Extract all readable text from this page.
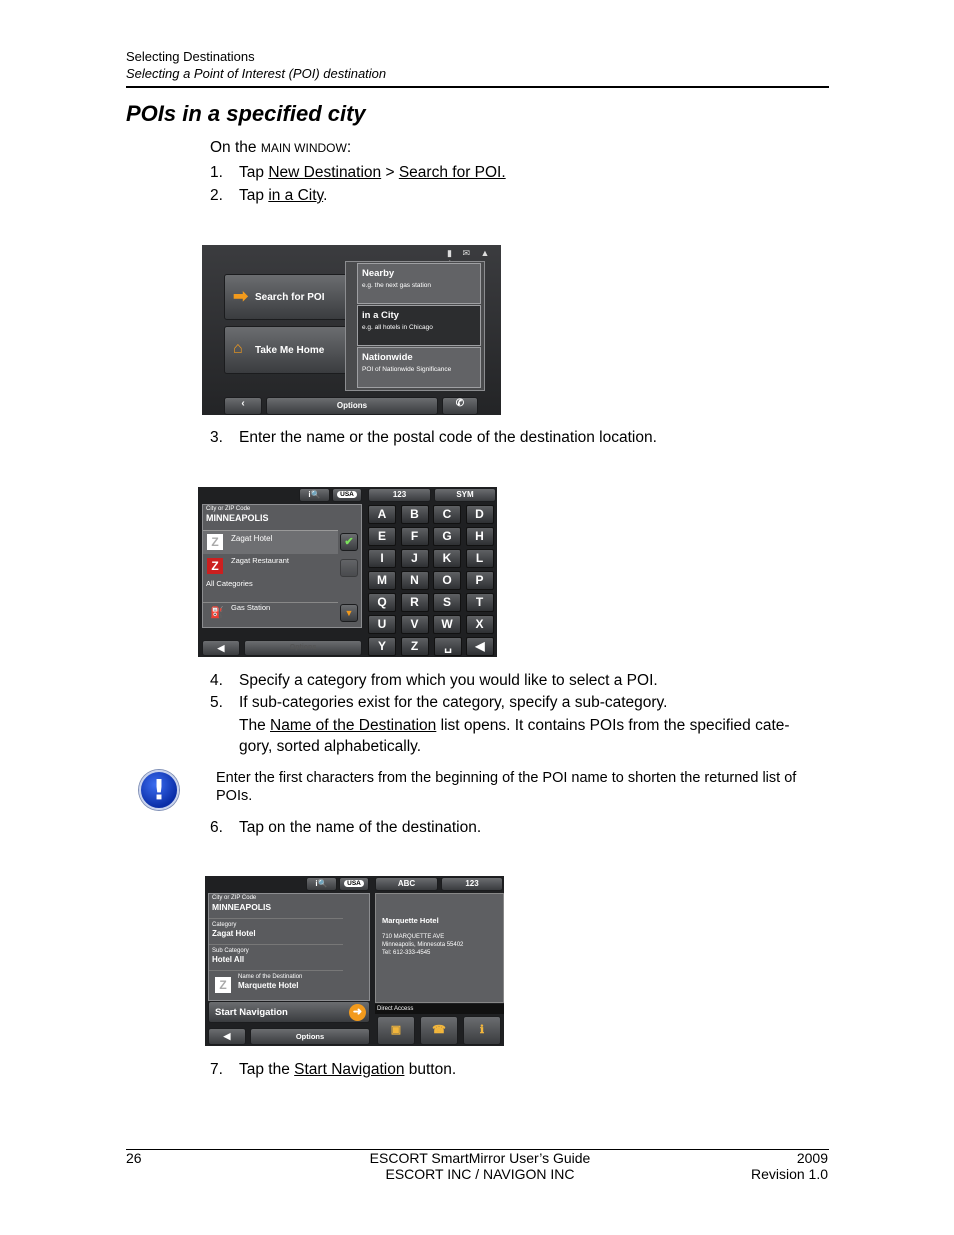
Selecting Destinations
Selecting a Point of Interest (POI) destination
POIs in a specified city
On the MAIN WINDOW:
1. Tap New Destination > Search for POI.
2. Tap in a City.
▮ ✉ ▲
➡ Search for POI
⌂ Take Me Home
Nearby
e.g. the next gas station
in a City
e.g. all hotels in Chicago
Nationwide
POI of Nationwide Significance
‹	Options	✆
3. Enter the name or the postal code of the destination location.
i🔍	USA	123	SYM
City or ZIP Code
MINNEAPOLIS
Z	Zagat Hotel
Z	Zagat Restaurant
All Categories
⛽ Gas Station
✔
▼
◀	Options
A	B	C	D
E	F	G	H
I	J	K	L
M	N	O	P
Q	R	S	T
U	V	W	X
Y	Z	␣	◀
4. Specify a category from which you would like to select a POI.
5. If sub-categories exist for the category, specify a sub-category.
The Name of the Destination list opens. It contains POIs from the specified cate-
gory, sorted alphabetically.
!	Enter the first characters from the beginning of the POI name to shorten the returned list of POIs.
6. Tap on the name of the destination.
i🔍	USA	ABC	123
City or ZIP Code
MINNEAPOLIS
Category
Zagat Hotel
Sub Category
Hotel All
Z
Name of the Destination
Marquette Hotel
Start Navigation	➜
◀	Options
Marquette Hotel
710 MARQUETTE AVE
Minneapolis, Minnesota 55402
Tel: 612-333-4545
Direct Access
▣	☎	ℹ
7. Tap the Start Navigation button.
26	ESCORT SmartMirror User’s Guide
ESCORT INC / NAVIGON INC
2009
Revision 1.0
